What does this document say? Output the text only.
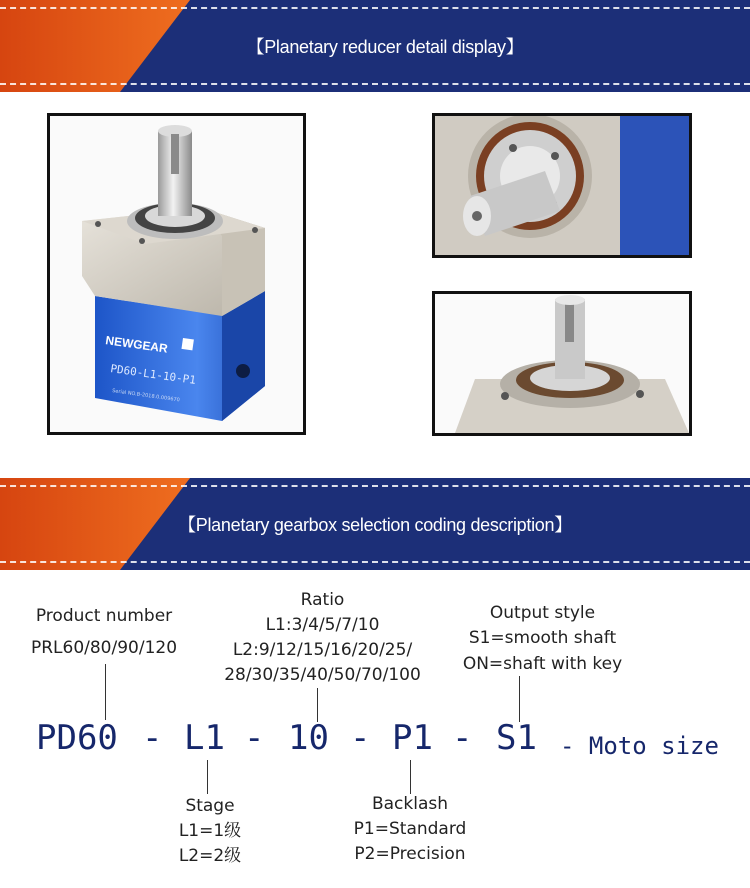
【Planetary reducer detail display】
NEWGEAR
PD60-L1-10-P1
Serial NO.B-2018.0.009670
【Planetary gearbox selection coding description】
Product number
PRL60/80/90/120
Ratio
L1:3/4/5/7/10
L2:9/12/15/16/20/25/
28/30/35/40/50/70/100
Output style
S1=smooth shaft
ON=shaft with key
PD60 - L1 - 10 - P1 - S1 - Moto size
Stage
L1=1级
L2=2级
Backlash
P1=Standard
P2=Precision
